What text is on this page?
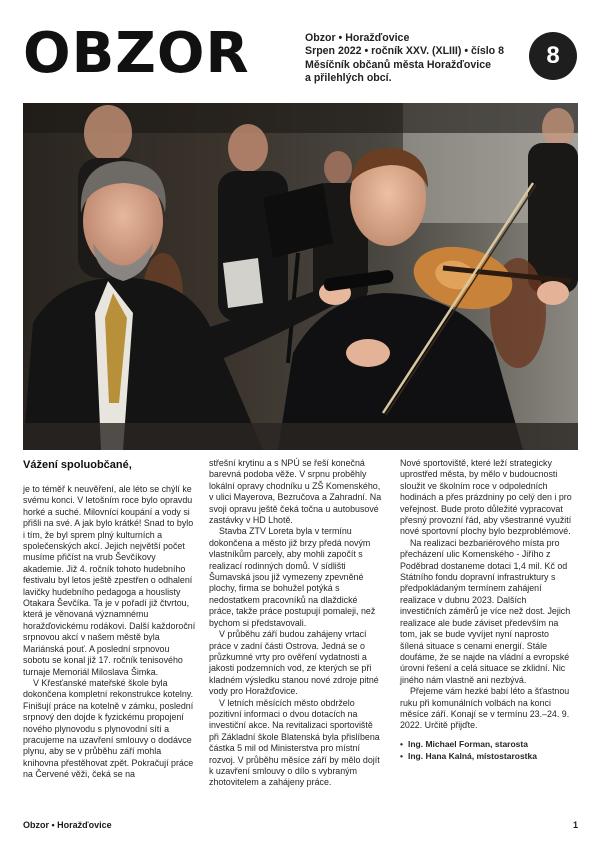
OBZOR	Obzor • Horažďovice
Srpen 2022 • ročník XXV. (XLIII) • číslo 8
Měsíčník občanů města Horažďovice
a přilehlých obcí.
8

Vážení spoluobčané,

je to téměř k neuvěření, ale léto se chýlí ke svému konci. V letošním roce bylo opravdu horké a suché. Milovníci koupání a vody si přišli na své. A jak bylo krátké! Snad to bylo i tím, že byl sprem plný kulturních a společenských akcí. Jejich největší počet musíme přičíst na vrub Ševčíkovy akademie. Již 4. ročník tohoto hudebního festivalu byl letos ještě zpestřen o odhalení lavičky hudebního pedagoga a houslisty Otakara Ševčíka. Ta je v pořadí již čtvrtou, která je věnovaná významnému horažďovickému rodákovi. Další každoroční srpnovou akcí v našem městě byla Mariánská pouť. A poslední srpnovou sobotu se konal již 17. ročník tenisového turnaje Memoriál Miloslava Šimka.

V Křesťanské mateřské škole byla dokončena kompletní rekonstrukce kotelny. Finišují práce na kotelně v zámku, poslední srpnový den dojde k fyzickému propojení nového plynovodu s plynovodní sítí a pracujeme na uzavření smlouvy o dodávce plynu, aby se v průběhu září mohla knihovna přestěhovat zpět. Pokračují práce na Červené věži, čeká se na

střešní krytinu a s NPÚ se řeší konečná barevná podoba věže. V srpnu proběhly lokální opravy chodníku u ZŠ Komenského, v ulici Mayerova, Bezručova a Zahradní. Na svoji opravu ještě čeká točna u autobusové zastávky v HD Lhotě.

Stavba ZTV Loreta byla v termínu dokončena a město již brzy předá novým vlastníkům parcely, aby mohli započít s realizací rodinných domů. V sídlišti Šumavská jsou již vymezeny zpevněné plochy, firma se bohužel potýká s nedostatkem pracovníků na dlaždické práce, takže práce postupují pomaleji, než bychom si představovali.

V průběhu září budou zahájeny vrtací práce v zadní části Ostrova. Jedná se o průzkumné vrty pro ověření vydatnosti a jakosti podzemních vod, ze kterých se při kladném výsledku stanou nové zdroje pitné vody pro Horažďovice.

V letních měsících město obdrželo pozitivní informaci o dvou dotacích na investiční akce. Na revitalizaci sportoviště při Základní škole Blatenská byla přislíbena částka 5 mil od Ministerstva pro místní rozvoj. V průběhu měsíce září by mělo dojít k uzavření smlouvy o dílo s vybraným zhotovitelem a zahájeny práce.

Nové sportoviště, které leží strategicky uprostřed města, by mělo v budoucnosti sloužit ve školním roce v odpoledních hodinách a přes prázdniny po celý den i pro veřejnost. Bude proto důležité vypracovat přesný provozní řád, aby všestranné využití nové sportovní plochy bylo bezproblémové.

Na realizaci bezbariérového místa pro přecházení ulic Komenského - Jiřího z Poděbrad dostaneme dotaci 1,4 mil. Kč od Státního fondu dopravní infrastruktury s předpokládaným termínem zahájení realizace v dubnu 2023. Dalších investičních záměrů je více než dost. Jejich realizace ale bude záviset především na tom, jak se bude vyvíjet nyní naprosto šílená situace s cenami energií. Stále doufáme, že se najde na vládní a evropské úrovni řešení a celá situace se zklidní. Nic jiného nám vlastně ani nezbývá.

Přejeme vám hezké babí léto a šťastnou ruku při komunálních volbách na konci měsíce září. Konají se v termínu 23.–24. 9. 2022. Určitě přijďte.

• Ing. Michael Forman, starosta
• Ing. Hana Kalná, místostarostka
Obzor • Horažďovice	1
